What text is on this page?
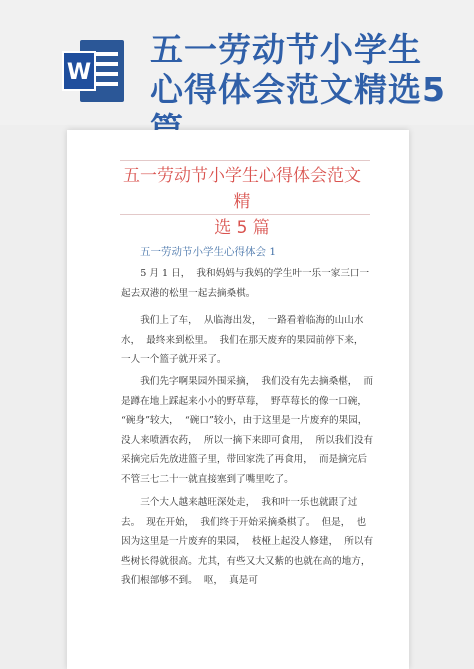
W
五一劳动节小学生
心得体会范文精选5
五一劳动节小学生心得体会范文精
选 5 篇
五一劳动节小学生心得体会 1

5 月 1 日，  我和妈妈与我妈的学生叶一乐一家三口一起去双港的松里一起去摘桑棋。

我们上了车，  从临海出发，  一路看着临海的山山水水，  最终来到松里。  我们在那天废弃的果园前停下来，  一人一个篮子就开采了。

我们先字啊果园外围采摘，  我们没有先去摘桑椹，  而是蹲在地上踩起来小小的野草莓，  野草莓长的像一口碗，  “碗身”较大，  “碗口”较小，由于这里是一片废弃的果园，  没人来喷洒农药，  所以一摘下来即可食用，  所以我们没有采摘完后先放进篮子里，带回家洗了再食用，  而是摘完后不管三七二十一就直接塞到了嘴里吃了。

三个大人越来越旺深处走，  我和叶一乐也就跟了过去。  现在开始，  我们终于开始采摘桑棋了。  但是，  也因为这里是一片废弃的果园，  枝桠上起没人修建，  所以有些树长得就很高。尤其，有些又大又紫的也就在高的地方，我们根部够不到。  呕，  真是可
